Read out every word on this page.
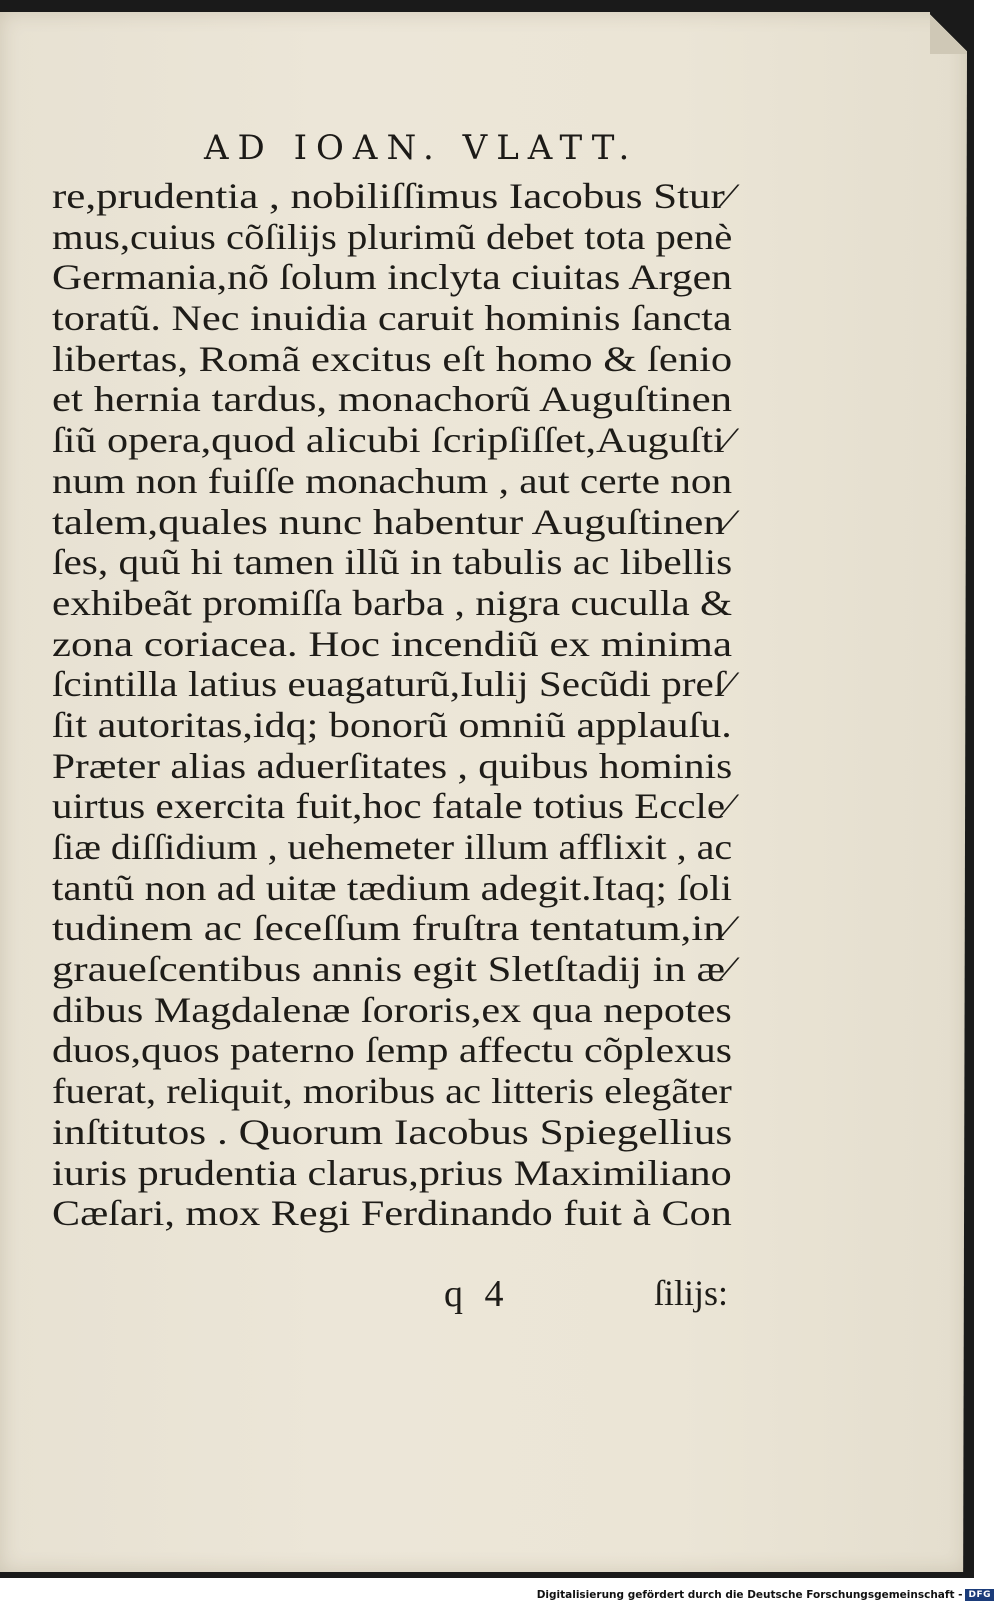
AD IOAN. VLATT.
re,prudentia , nobiliſſimus Iacobus Stur⁄
mus,cuius cõſilijs plurimũ debet tota penè
Germania,nõ ſolum inclyta ciuitas Argen
toratũ. Nec inuidia caruit hominis ſancta
libertas, Romã excitus eſt homo & ſenio
et hernia tardus, monachorũ Auguſtinen
ſiũ opera,quod alicubi ſcripſiſſet,Auguſti⁄
num non fuiſſe monachum , aut certe non
talem,quales nunc habentur Auguſtinen⁄
ſes, quũ hi tamen illũ in tabulis ac libellis
exhibeãt promiſſa barba , nigra cuculla &
zona coriacea. Hoc incendiũ ex minima
ſcintilla latius euagaturũ,Iulij Secũdi preſ⁄
ſit autoritas,idq; bonorũ omniũ applauſu.
Præter alias aduerſitates , quibus hominis
uirtus exercita fuit,hoc fatale totius Eccle⁄
ſiæ diſſidium , uehemeter illum afflixit , ac
tantũ non ad uitæ tædium adegit.Itaq; ſoli
tudinem ac ſeceſſum fruſtra tentatum,in⁄
graueſcentibus annis egit Sletſtadij in æ⁄
dibus Magdalenæ ſororis,ex qua nepotes
duos,quos paterno ſemp affectu cõplexus
fuerat, reliquit, moribus ac litteris elegãter
inſtitutos . Quorum Iacobus Spiegellius
iuris prudentia clarus,prius Maximiliano
Cæſari, mox Regi Ferdinando fuit à Con
q 4	ſilijs:
Digitalisierung gefördert durch die Deutsche Forschungsgemeinschaft - DFG
